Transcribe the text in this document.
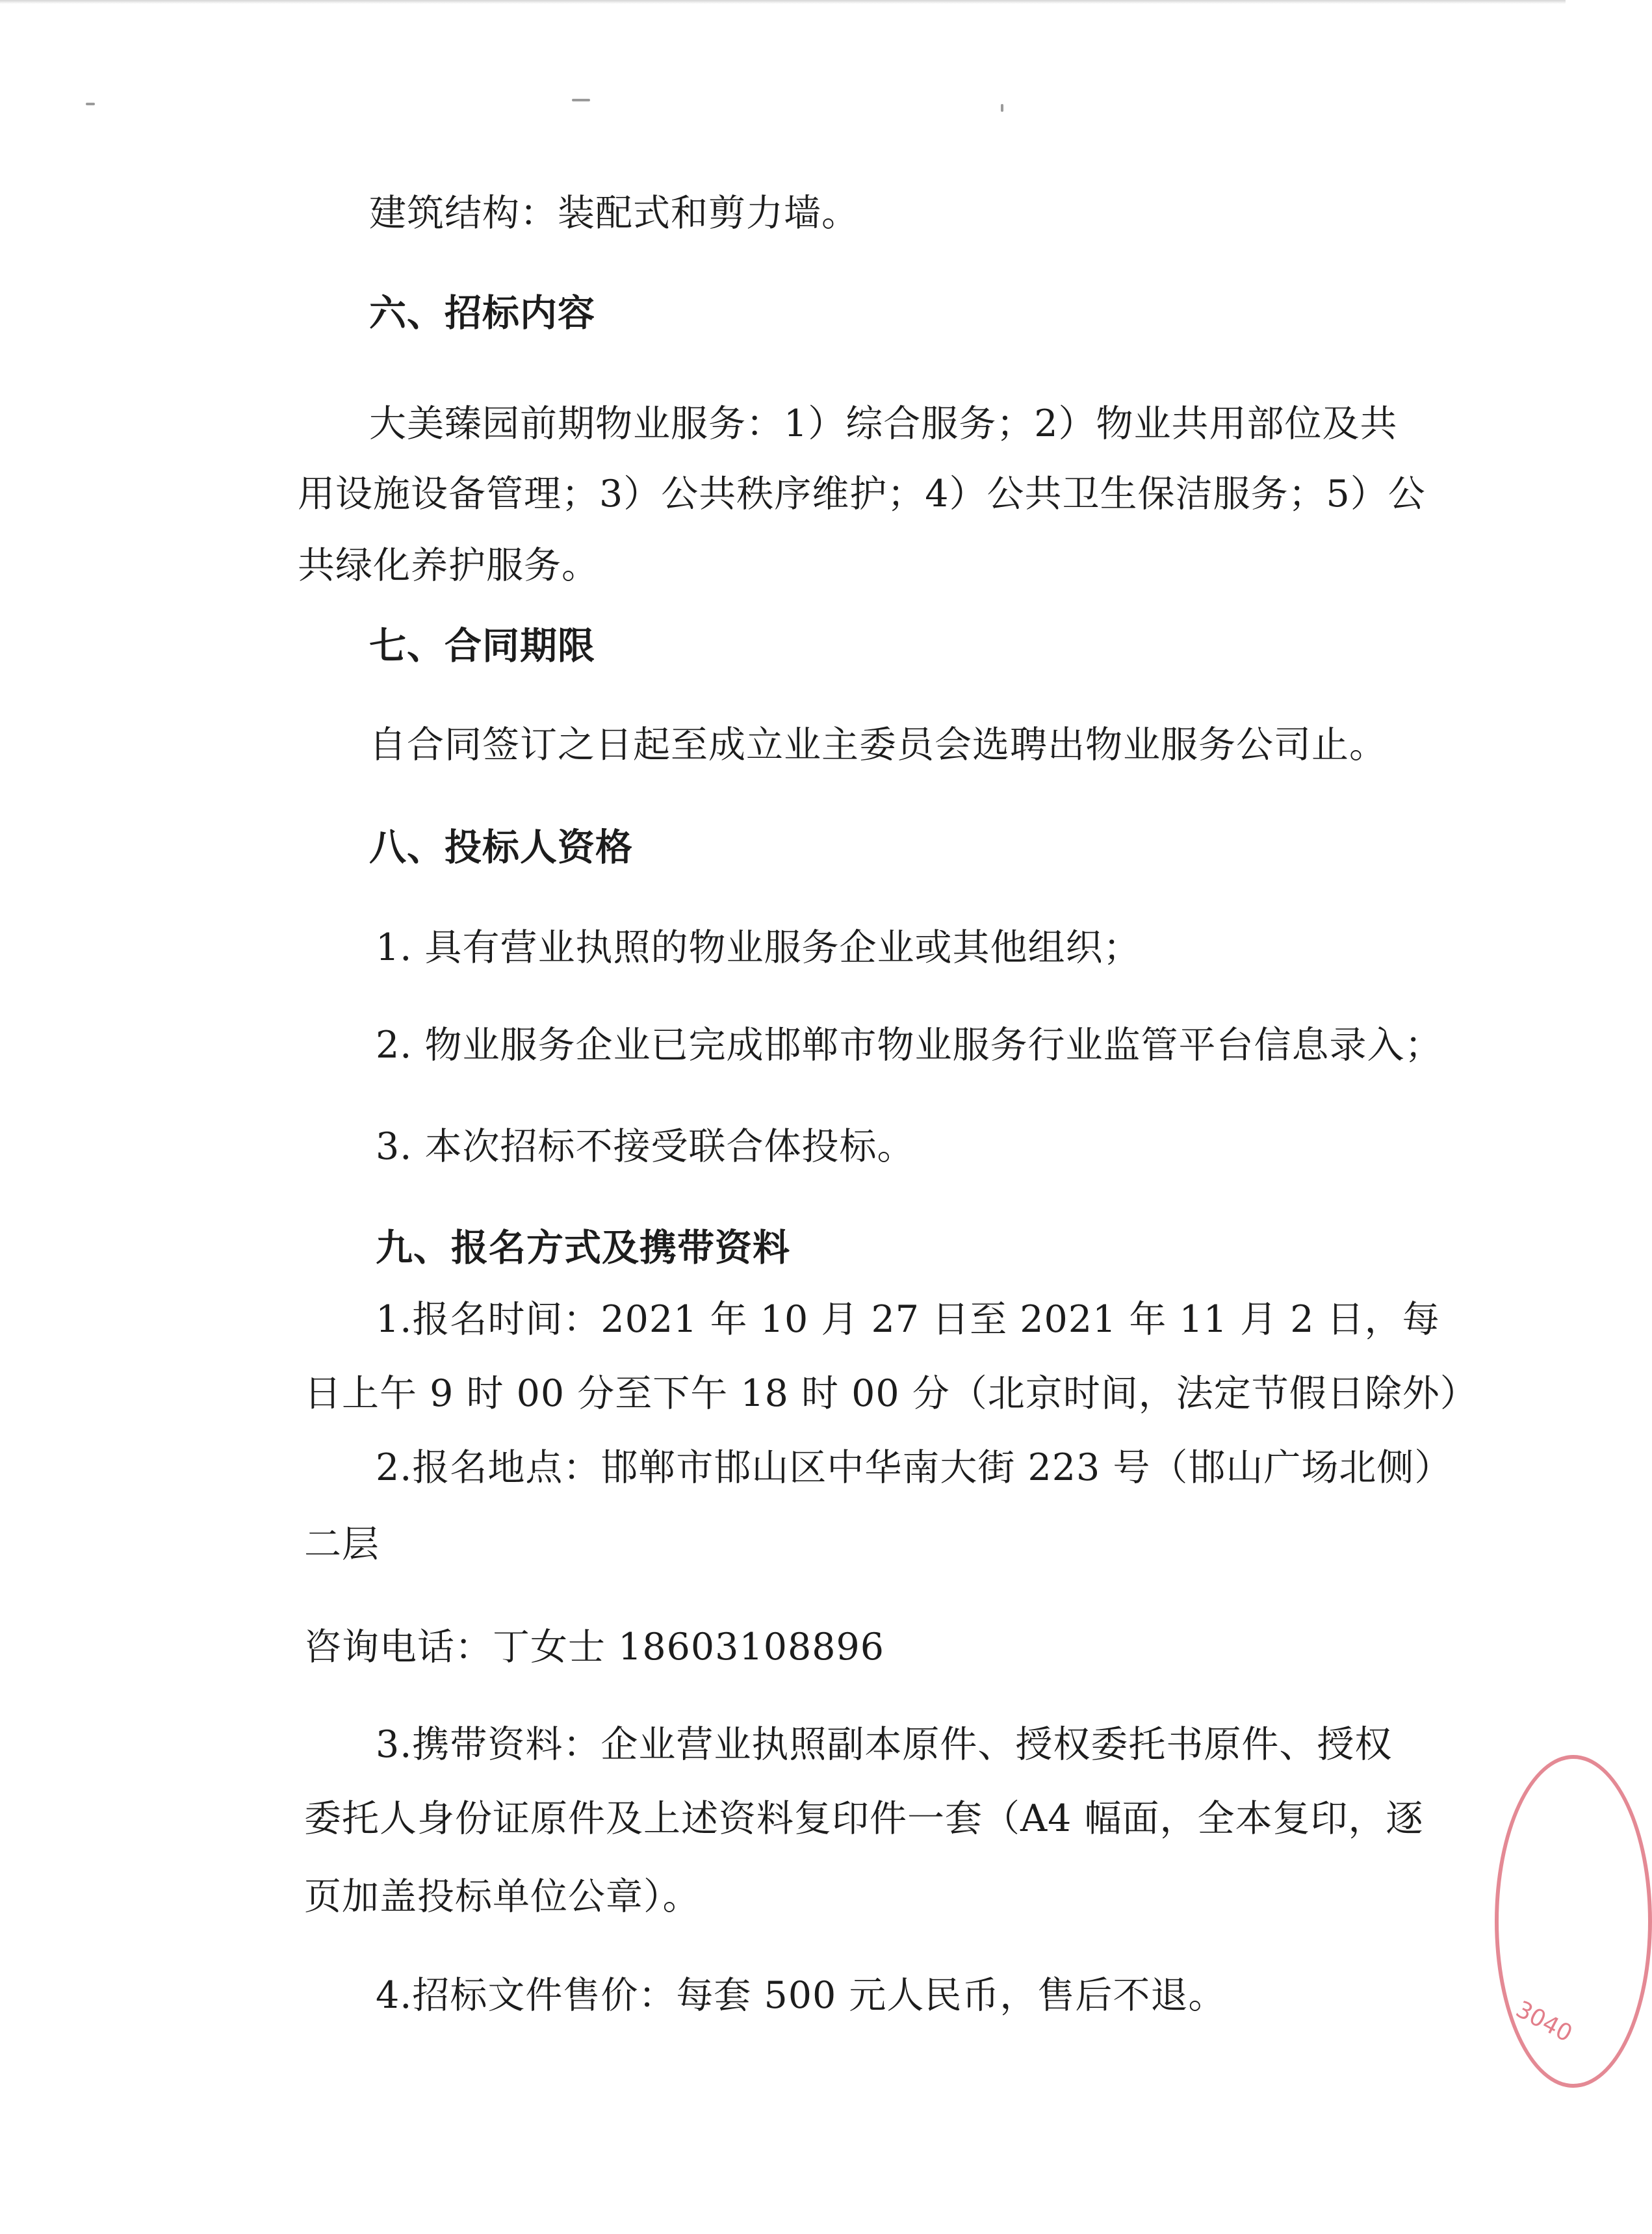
建筑结构：装配式和剪力墙。
六、招标内容
大美臻园前期物业服务：1）综合服务；2）物业共用部位及共
用设施设备管理；3）公共秩序维护；4）公共卫生保洁服务；5）公
共绿化养护服务。
七、合同期限
自合同签订之日起至成立业主委员会选聘出物业服务公司止。
八、投标人资格
1. 具有营业执照的物业服务企业或其他组织；
2. 物业服务企业已完成邯郸市物业服务行业监管平台信息录入；
3. 本次招标不接受联合体投标。
九、报名方式及携带资料
1.报名时间：2021 年 10 月 27 日至 2021 年 11 月 2 日，每
日上午 9 时 00 分至下午 18 时 00 分（北京时间，法定节假日除外）
2.报名地点：邯郸市邯山区中华南大街 223 号（邯山广场北侧）
二层
咨询电话：丁女士 18603108896
3.携带资料：企业营业执照副本原件、授权委托书原件、授权
委托人身份证原件及上述资料复印件一套（A4 幅面，全本复印，逐
页加盖投标单位公章）。
4.招标文件售价：每套 500 元人民币，售后不退。
3040
